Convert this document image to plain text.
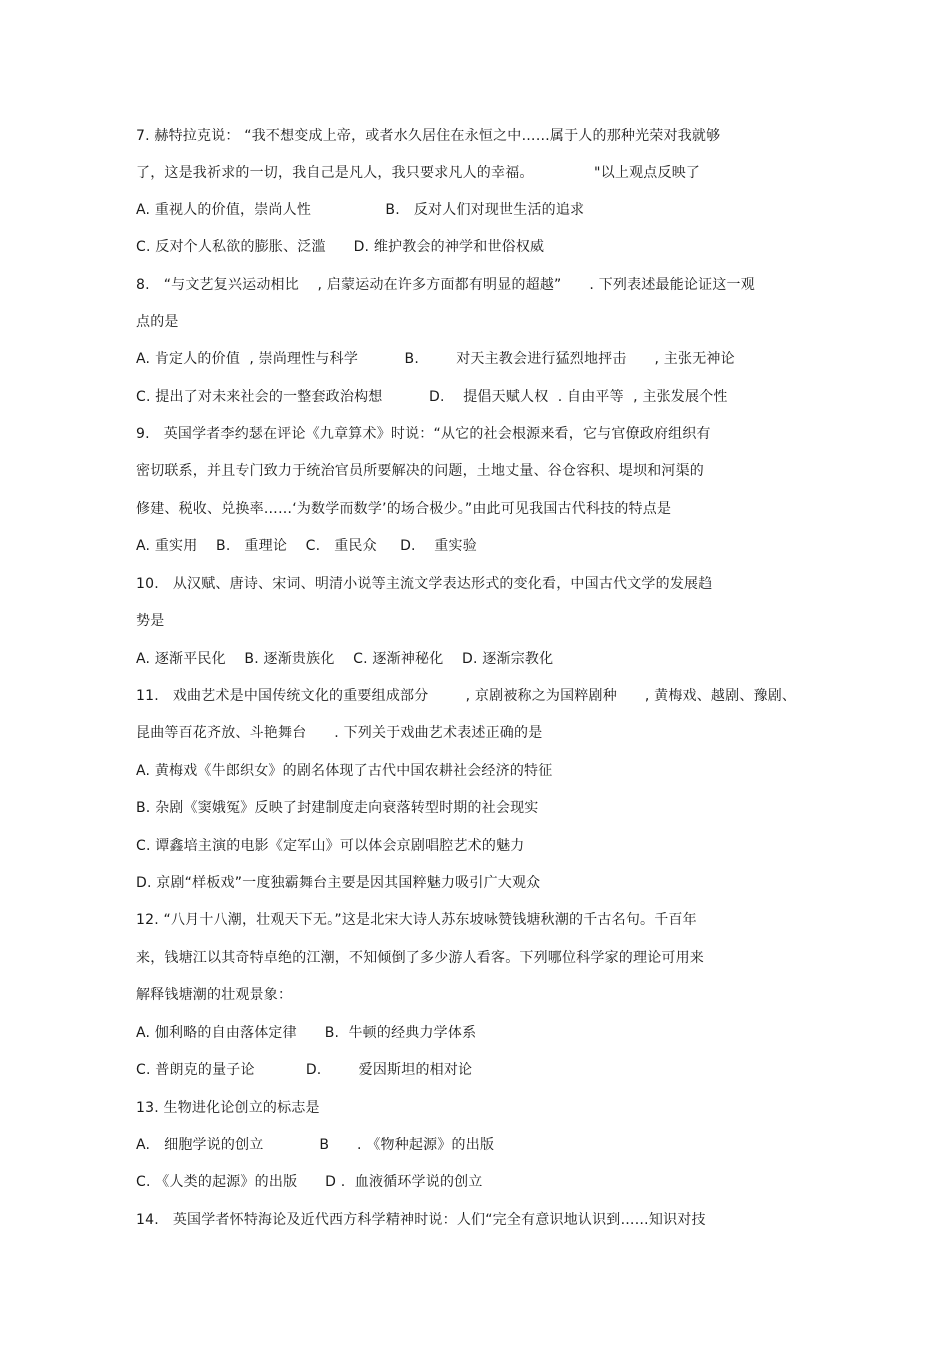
7. 赫特拉克说： “我不想变成上帝，或者水久居住在永恒之中……属于人的那种光荣对我就够
了，这是我祈求的一切，我自己是凡人，我只要求凡人的幸福。             "以上观点反映了
A. 重视人的价值，崇尚人性                B.   反对人们对现世生活的追求
C. 反对个人私欲的膨胀、泛滥      D. 维护教会的神学和世俗权威
8.   “与文艺复兴运动相比    , 启蒙运动在许多方面都有明显的超越”      . 下列表述最能论证这一观
点的是
A. 肯定人的价值  , 崇尚理性与科学          B.        对天主教会进行猛烈地抨击      , 主张无神论
C. 提出了对未来社会的一整套政治构想          D.    提倡天赋人权  . 自由平等  , 主张发展个性
9.   英国学者李约瑟在评论《九章算术》时说：“从它的社会根源来看，它与官僚政府组织有
密切联系，并且专门致力于统治官员所要解决的问题，土地丈量、谷仓容积、堤坝和河渠的
修建、税收、兑换率……‘为数学而数学’的场合极少。”由此可见我国古代科技的特点是
A. 重实用    B.   重理论    C.   重民众     D.    重实验
10.   从汉赋、唐诗、宋词、明清小说等主流文学表达形式的变化看，中国古代文学的发展趋
势是
A. 逐渐平民化    B. 逐渐贵族化    C. 逐渐神秘化    D. 逐渐宗教化
11.   戏曲艺术是中国传统文化的重要组成部分        , 京剧被称之为国粹剧种      , 黄梅戏、越剧、豫剧、
昆曲等百花齐放、斗艳舞台      . 下列关于戏曲艺术表述正确的是
A. 黄梅戏《牛郎织女》的剧名体现了古代中国农耕社会经济的特征
B. 杂剧《窦娥冤》反映了封建制度走向衰落转型时期的社会现实
C. 谭鑫培主演的电影《定军山》可以体会京剧唱腔艺术的魅力
D. 京剧“样板戏”一度独霸舞台主要是因其国粹魅力吸引广大观众
12. “八月十八潮，壮观天下无。”这是北宋大诗人苏东坡咏赞钱塘秋潮的千古名句。千百年
来，钱塘江以其奇特卓绝的江潮，不知倾倒了多少游人看客。下列哪位科学家的理论可用来
解释钱塘潮的壮观景象：
A. 伽利略的自由落体定律      B.  牛顿的经典力学体系
C. 普朗克的量子论           D.        爱因斯坦的相对论
13. 生物进化论创立的标志是
A.   细胞学说的创立            B      . 《物种起源》的出版
C. 《人类的起源》的出版      D .  血液循环学说的创立
14.   英国学者怀特海论及近代西方科学精神时说：人们“完全有意识地认识到……知识对技
